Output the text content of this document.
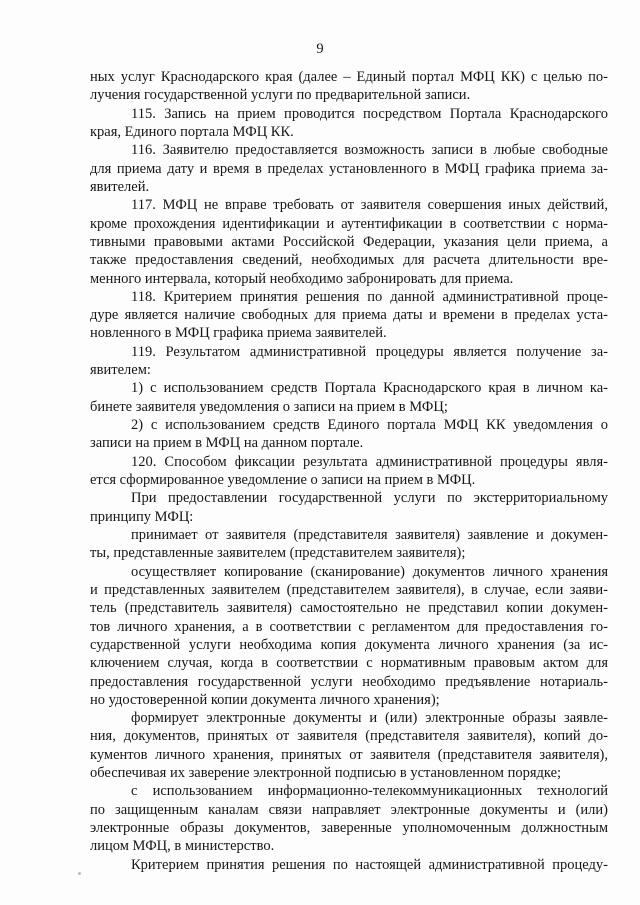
9
ных услуг Краснодарского края (далее – Единый портал МФЦ КК) с целью по-
лучения государственной услуги по предварительной записи.
115. Запись на прием проводится посредством Портала Краснодарского
края, Единого портала МФЦ КК.
116. Заявителю предоставляется возможность записи в любые свободные
для приема дату и время в пределах установленного в МФЦ графика приема за-
явителей.
117. МФЦ не вправе требовать от заявителя совершения иных действий,
кроме прохождения идентификации и аутентификации в соответствии с норма-
тивными правовыми актами Российской Федерации, указания цели приема, а
также предоставления сведений, необходимых для расчета длительности вре-
менного интервала, который необходимо забронировать для приема.
118. Критерием принятия решения по данной административной проце-
дуре является наличие свободных для приема даты и времени в пределах уста-
новленного в МФЦ графика приема заявителей.
119. Результатом административной процедуры является получение за-
явителем:
1) с использованием средств Портала Краснодарского края в личном ка-
бинете заявителя уведомления о записи на прием в МФЦ;
2) с использованием средств Единого портала МФЦ КК уведомления о
записи на прием в МФЦ на данном портале.
120. Способом фиксации результата административной процедуры явля-
ется сформированное уведомление о записи на прием в МФЦ.
При предоставлении государственной услуги по экстерриториальному
принципу МФЦ:
принимает от заявителя (представителя заявителя) заявление и докумен-
ты, представленные заявителем (представителем заявителя);
осуществляет копирование (сканирование) документов личного хранения
и представленных заявителем (представителем заявителя), в случае, если заяви-
тель (представитель заявителя) самостоятельно не представил копии докумен-
тов личного хранения, а в соответствии с регламентом для предоставления го-
сударственной услуги необходима копия документа личного хранения (за ис-
ключением случая, когда в соответствии с нормативным правовым актом для
предоставления государственной услуги необходимо предъявление нотариаль-
но удостоверенной копии документа личного хранения);
формирует электронные документы и (или) электронные образы заявле-
ния, документов, принятых от заявителя (представителя заявителя), копий до-
кументов личного хранения, принятых от заявителя (представителя заявителя),
обеспечивая их заверение электронной подписью в установленном порядке;
с использованием информационно-телекоммуникационных технологий
по защищенным каналам связи направляет электронные документы и (или)
электронные образы документов, заверенные уполномоченным должностным
лицом МФЦ, в министерство.
Критерием принятия решения по настоящей административной процеду-
